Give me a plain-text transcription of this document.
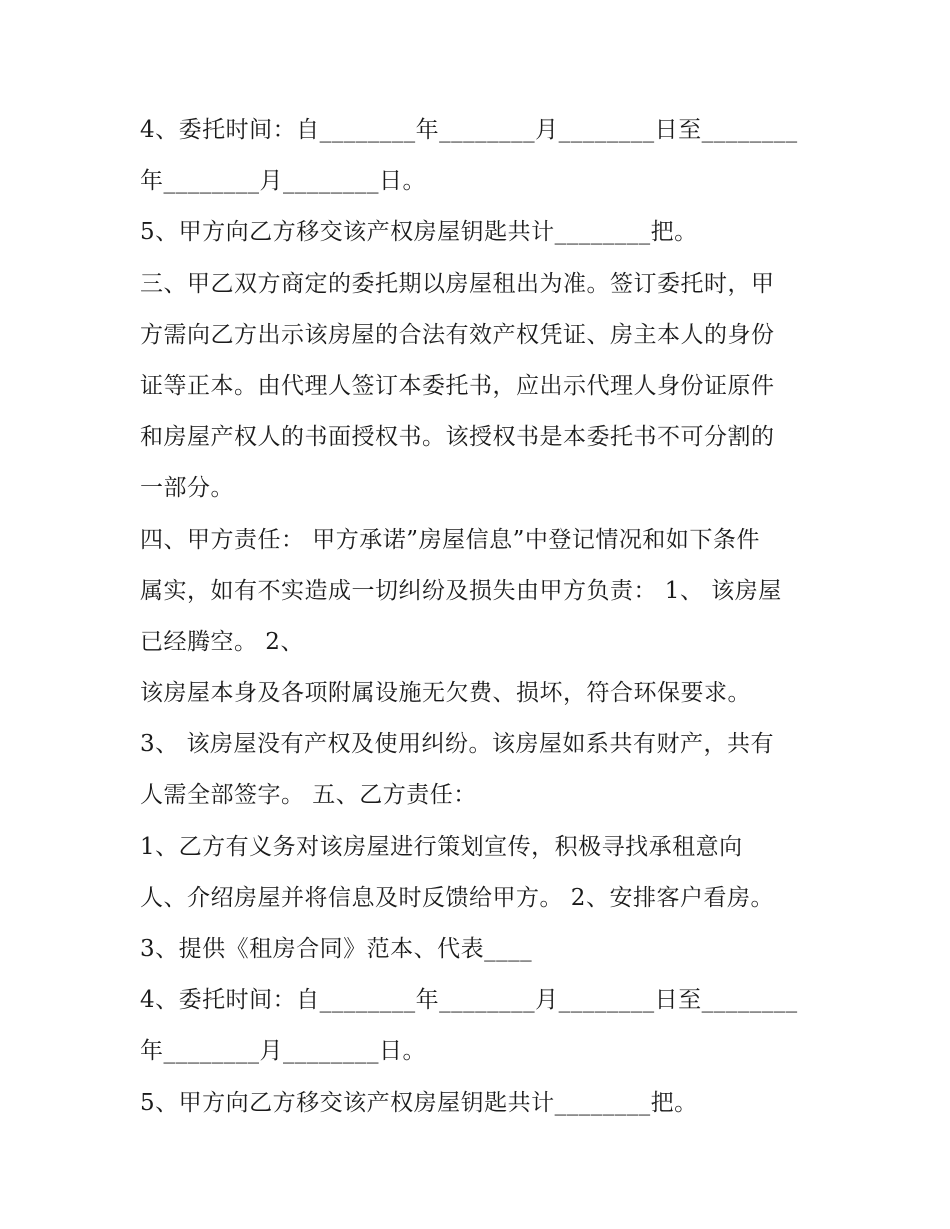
4、委托时间：自________年________月________日至________
年________月________日。
5、甲方向乙方移交该产权房屋钥匙共计________把。
三、甲乙双方商定的委托期以房屋租出为准。签订委托时，甲
方需向乙方出示该房屋的合法有效产权凭证、房主本人的身份
证等正本。由代理人签订本委托书，应出示代理人身份证原件
和房屋产权人的书面授权书。该授权书是本委托书不可分割的
一部分。
四、甲方责任： 甲方承诺”房屋信息”中登记情况和如下条件
属实，如有不实造成一切纠纷及损失由甲方负责： 1、 该房屋
已经腾空。 2、
该房屋本身及各项附属设施无欠费、损坏，符合环保要求。
3、 该房屋没有产权及使用纠纷。该房屋如系共有财产，共有
人需全部签字。 五、乙方责任：
1、乙方有义务对该房屋进行策划宣传，积极寻找承租意向
人、介绍房屋并将信息及时反馈给甲方。 2、安排客户看房。
3、提供《租房合同》范本、代表____
4、委托时间：自________年________月________日至________
年________月________日。
5、甲方向乙方移交该产权房屋钥匙共计________把。
